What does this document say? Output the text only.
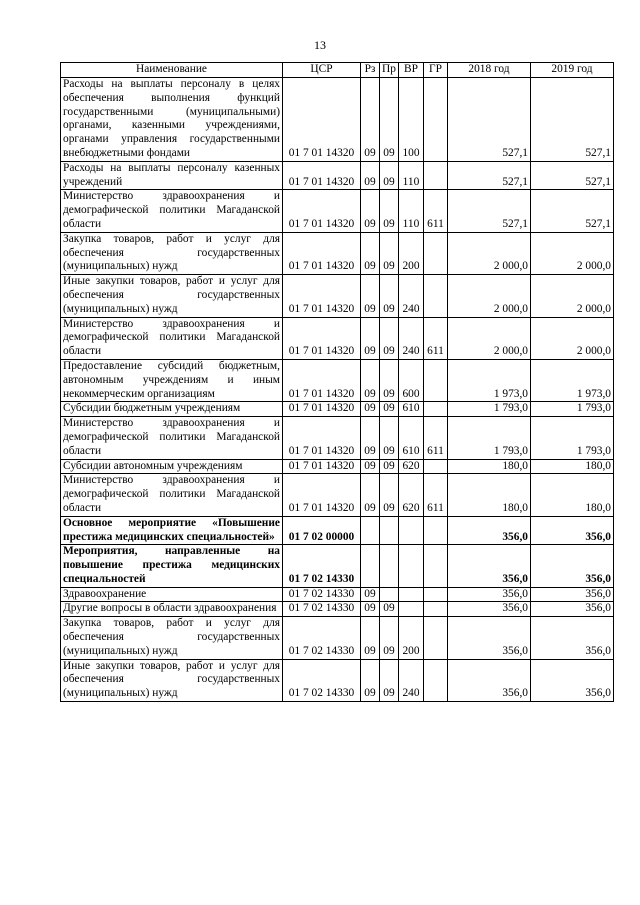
13
Наименование	ЦСР	Рз	Пр	ВР	ГР	2018 год	2019 год
Расходы на выплаты персоналу в целях обеспечения выполнения функций государственными (муниципальными) органами, казенными учреждениями, органами управления государственными внебюджетными фондами	01 7 01 14320	09	09	100		527,1	527,1
Расходы на выплаты персоналу казенных учреждений	01 7 01 14320	09	09	110		527,1	527,1
Министерство здравоохранения и демографической политики Магаданской области	01 7 01 14320	09	09	110	611	527,1	527,1
Закупка товаров, работ и услуг для обеспечения государственных (муниципальных) нужд	01 7 01 14320	09	09	200		2 000,0	2 000,0
Иные закупки товаров, работ и услуг для обеспечения государственных (муниципальных) нужд	01 7 01 14320	09	09	240		2 000,0	2 000,0
Министерство здравоохранения и демографической политики Магаданской области	01 7 01 14320	09	09	240	611	2 000,0	2 000,0
Предоставление субсидий бюджетным, автономным учреждениям и иным некоммерческим организациям	01 7 01 14320	09	09	600		1 973,0	1 973,0
Субсидии бюджетным учреждениям	01 7 01 14320	09	09	610		1 793,0	1 793,0
Министерство здравоохранения и демографической политики Магаданской области	01 7 01 14320	09	09	610	611	1 793,0	1 793,0
Субсидии автономным учреждениям	01 7 01 14320	09	09	620		180,0	180,0
Министерство здравоохранения и демографической политики Магаданской области	01 7 01 14320	09	09	620	611	180,0	180,0
Основное мероприятие «Повышение престижа медицинских специальностей»	01 7 02 00000					356,0	356,0
Мероприятия, направленные на повышение престижа медицинских специальностей	01 7 02 14330					356,0	356,0
Здравоохранение	01 7 02 14330	09				356,0	356,0
Другие вопросы в области здравоохранения	01 7 02 14330	09	09			356,0	356,0
Закупка товаров, работ и услуг для обеспечения государственных (муниципальных) нужд	01 7 02 14330	09	09	200		356,0	356,0
Иные закупки товаров, работ и услуг для обеспечения государственных (муниципальных) нужд	01 7 02 14330	09	09	240		356,0	356,0
